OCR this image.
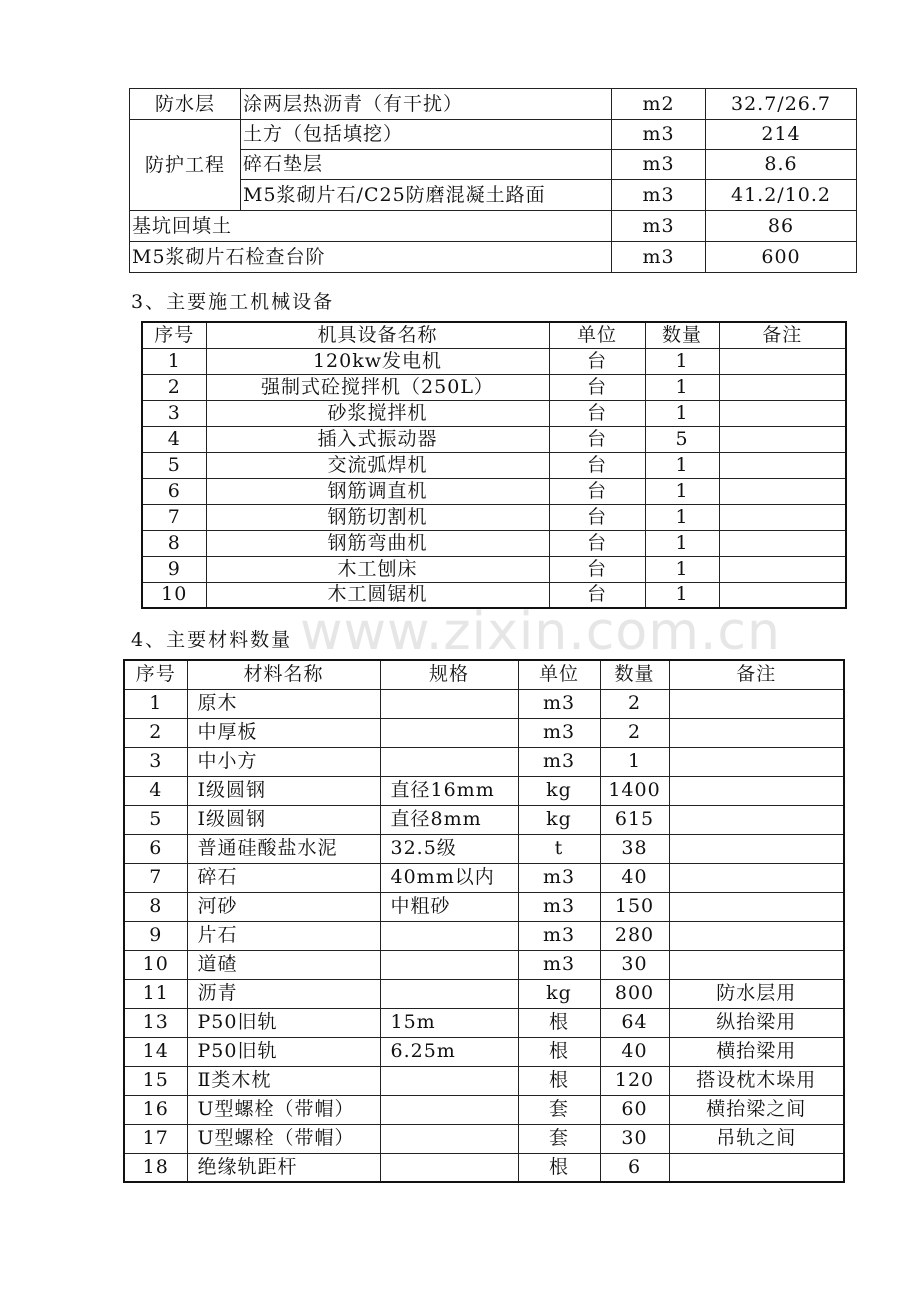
防水层	涂两层热沥青（有干扰）	m2	32.7/26.7
防护工程	土方（包括填挖）	m3	214
	碎石垫层	m3	8.6
	M5浆砌片石/C25防磨混凝土路面	m3	41.2/10.2
基坑回填土		m3	86
M5浆砌片石检查台阶		m3	600
3、主要施工机械设备
序号	机具设备名称	单位	数量	备注
1	120kw发电机	台	1	
2	强制式砼搅拌机（250L）	台	1	
3	砂浆搅拌机	台	1	
4	插入式振动器	台	5	
5	交流弧焊机	台	1	
6	钢筋调直机	台	1	
7	钢筋切割机	台	1	
8	钢筋弯曲机	台	1	
9	木工刨床	台	1	
10	木工圆锯机	台	1	
4、主要材料数量 www.zixin.com.cn
序号	材料名称	规格	单位	数量	备注
1	原木		m3	2	
2	中厚板		m3	2	
3	中小方		m3	1	
4	Ⅰ级圆钢	直径16mm	kg	1400	
5	Ⅰ级圆钢	直径8mm	kg	615	
6	普通硅酸盐水泥	32.5级	t	38	
7	碎石	40mm以内	m3	40	
8	河砂	中粗砂	m3	150	
9	片石		m3	280	
10	道碴		m3	30	
11	沥青		kg	800	防水层用
13	P50旧轨	15m	根	64	纵抬梁用
14	P50旧轨	6.25m	根	40	横抬梁用
15	Ⅱ类木枕		根	120	搭设枕木垛用
16	U型螺栓（带帽）		套	60	横抬梁之间
17	U型螺栓（带帽）		套	30	吊轨之间
18	绝缘轨距杆		根	6	
